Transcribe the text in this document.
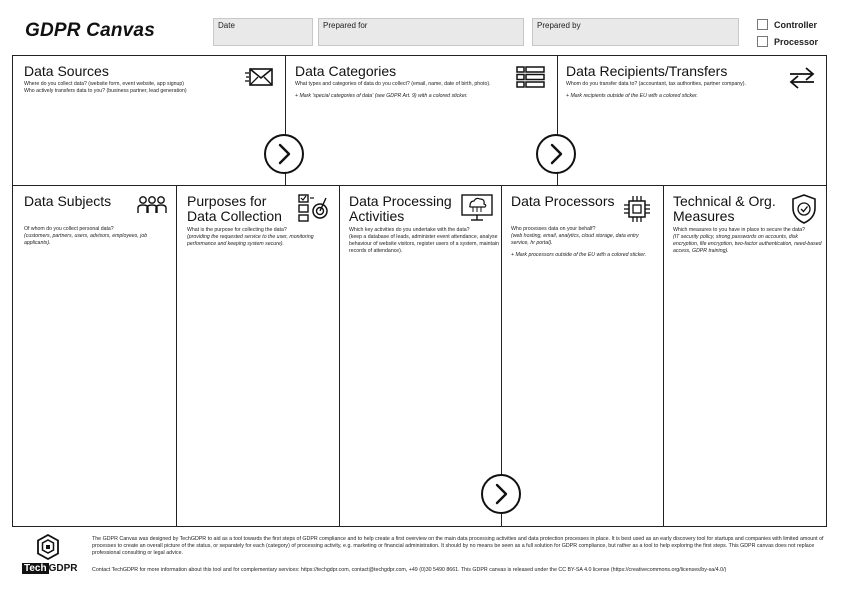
GDPR Canvas	Date	Prepared for	Prepared by	Controller
Processor
Data Sources
Where do you collect data? (website form, event website, app signup)
Who actively transfers data to you? (business partner, lead generation)
Data Categories
What types and categories of data do you collect? (email, name, date of birth, photo).
+ Mark 'special categories of data' (see GDPR Art. 9) with a colored sticker.
Data Recipients/Transfers
Whom do you transfer data to? (accountant, tax authorities, partner company).
+ Mark recipients outside of the EU with a colored sticker.
Data Subjects
Of whom do you collect personal data?
(customers, partners, users, advisors, employees, job applicants).
Purposes for
Data Collection
What is the purpose for collecting the data?
(providing the requested service to the user, monitoring performance and keeping system secure).
Data Processing
Activities
Which key activities do you undertake with the data?
(keep a database of leads, administer event attendance, analyse behaviour of website visitors, register users of a system, maintain records of attendance).
Data Processors
Who processes data on your behalf?
(web hosting, email, analytics, cloud storage, data entry service, hr portal).
+ Mark processors outside of the EU with a colored sticker.
Technical & Org.
Measures
Which measures to you have in place to secure the data?
(IT security policy, strong passwords on accounts, disk encryption, file encryption, two-factor authentication, need-based access, GDPR training).
Tech GDPR
The GDPR Canvas was designed by TechGDPR to aid as a tool towards the first steps of GDPR compliance and to help create a first overview on the main data processing activities and data protection processes in place. It is best used as an early discovery tool for startups and companies with limited amount of processes to create an overall picture of the status, or separately for each (category) of processing activity, e.g. marketing or financial administration. It should by no means be seen as a full solution for GDPR compliance, but rather as a tool to help exploring the first steps. This GDPR canvas does not replace professional consulting or legal advice.
Contact TechGDPR for more information about this tool and for complementary services: https://techgdpr.com, contact@techgdpr.com, +49 (0)30 5490 8661. This GDPR canvas is released under the CC BY-SA 4.0 license (https://creativecommons.org/licenses/by-sa/4.0/)
